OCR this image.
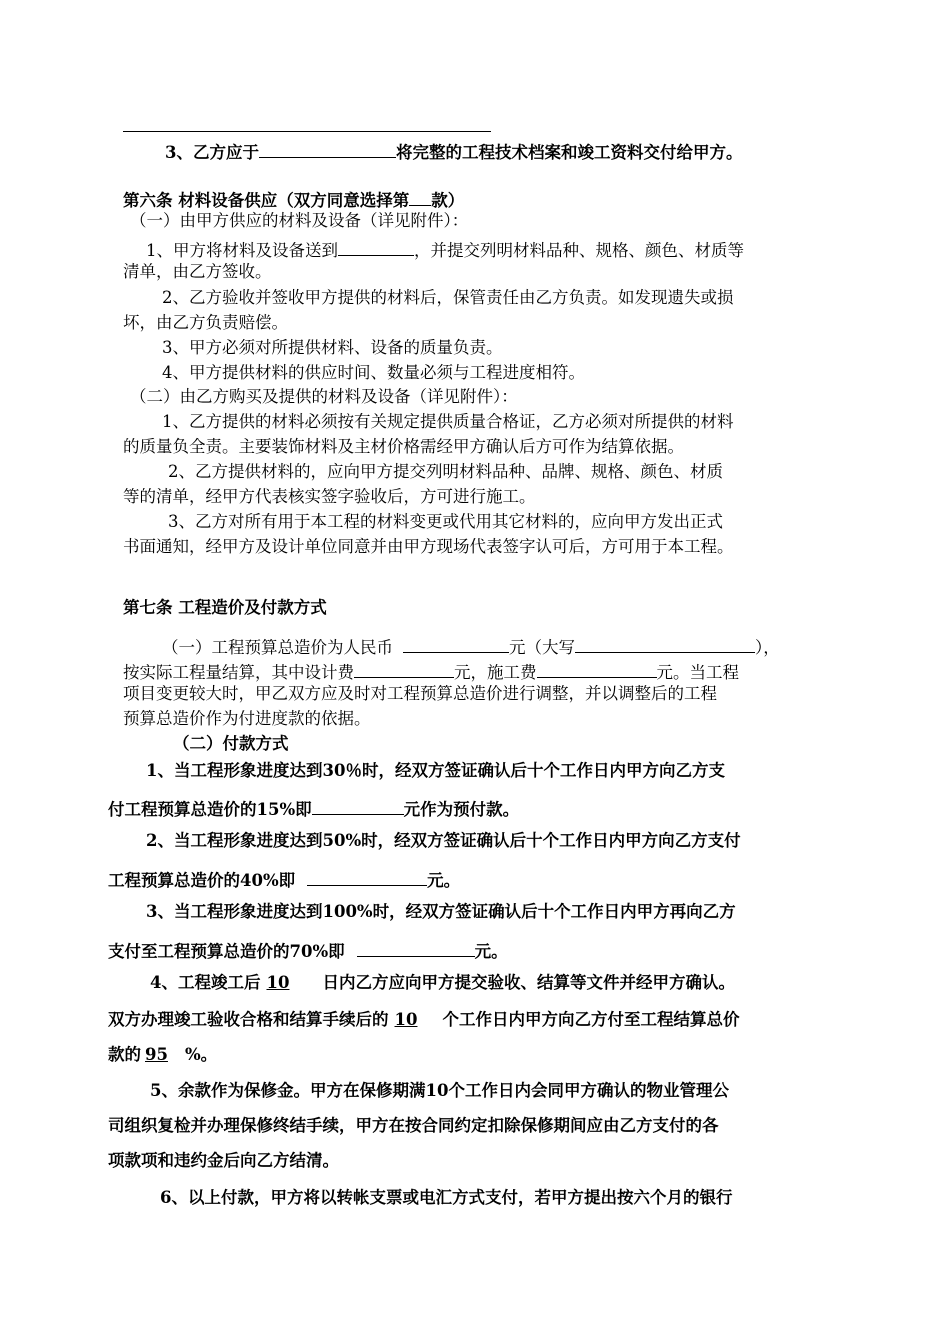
3、乙方应于	将完整的工程技术档案和竣工资料交付给甲方。
第六条 材料设备供应（双方同意选择第 款）
（一）由甲方供应的材料及设备（详见附件）：
1、甲方将材料及设备送到	，并提交列明材料品种、规格、颜色、材质等
清单，由乙方签收。
2、乙方验收并签收甲方提供的材料后，保管责任由乙方负责。如发现遗失或损
坏，由乙方负责赔偿。
3、甲方必须对所提供材料、设备的质量负责。
4、甲方提供材料的供应时间、数量必须与工程进度相符。
（二）由乙方购买及提供的材料及设备（详见附件）：
1、乙方提供的材料必须按有关规定提供质量合格证，乙方必须对所提供的材料
的质量负全责。主要装饰材料及主材价格需经甲方确认后方可作为结算依据。
2、乙方提供材料的，应向甲方提交列明材料品种、品牌、规格、颜色、材质
等的清单，经甲方代表核实签字验收后，方可进行施工。
3、乙方对所有用于本工程的材料变更或代用其它材料的，应向甲方发出正式
书面通知，经甲方及设计单位同意并由甲方现场代表签字认可后，方可用于本工程。
第七条 工程造价及付款方式
（一）工程预算总造价为人民币	元（大写	），
按实际工程量结算，其中设计费	元，施工费	元。当工程
项目变更较大时，甲乙双方应及时对工程预算总造价进行调整，并以调整后的工程
预算总造价作为付进度款的依据。
（二）付款方式
1、当工程形象进度达到30％时，经双方签证确认后十个工作日内甲方向乙方支
付工程预算总造价的15%即	元作为预付款。
2、当工程形象进度达到50%时，经双方签证确认后十个工作日内甲方向乙方支付
工程预算总造价的40%即	元。
3、当工程形象进度达到100%时，经双方签证确认后十个工作日内甲方再向乙方
支付至工程预算总造价的70%即	元。
4、工程竣工后 10 日内乙方应向甲方提交验收、结算等文件并经甲方确认。
双方办理竣工验收合格和结算手续后的 10 个工作日内甲方向乙方付至工程结算总价
款的 95 %。
5、余款作为保修金。甲方在保修期满10个工作日内会同甲方确认的物业管理公
司组织复检并办理保修终结手续，甲方在按合同约定扣除保修期间应由乙方支付的各
项款项和违约金后向乙方结清。
6、以上付款，甲方将以转帐支票或电汇方式支付，若甲方提出按六个月的银行
